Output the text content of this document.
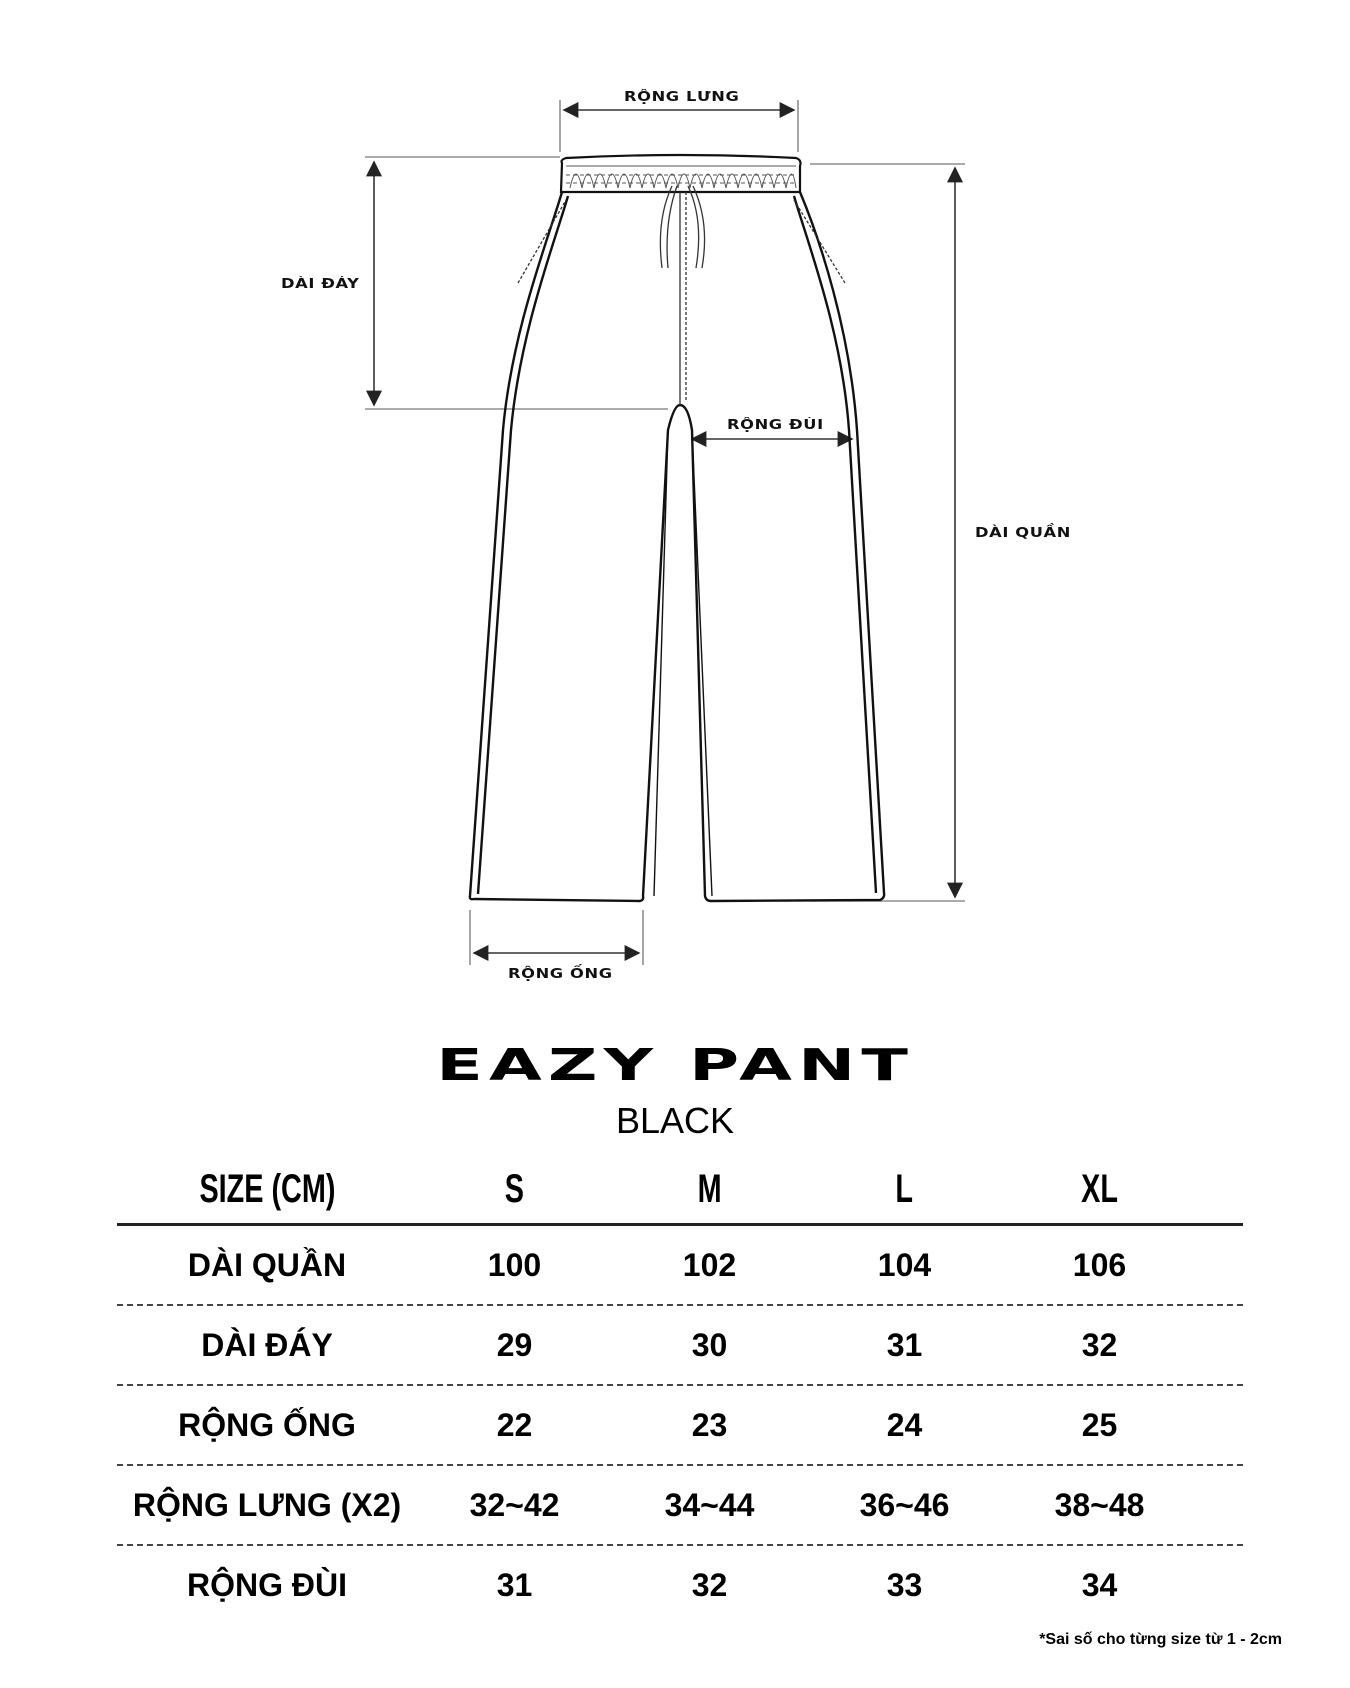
RỘNG LƯNG
DÀI ĐÁY
RỘNG ĐÙI
DÀI QUẦN
RỘNG ỐNG
EAZY PANT
BLACK
SIZE (CM)	S	M	L	XL
DÀI QUẦN	100	102	104	106
DÀI ĐÁY	29	30	31	32
RỘNG ỐNG	22	23	24	25
RỘNG LƯNG (X2)	32~42	34~44	36~46	38~48
RỘNG ĐÙI	31	32	33	34
*Sai số cho từng size từ 1 - 2cm
